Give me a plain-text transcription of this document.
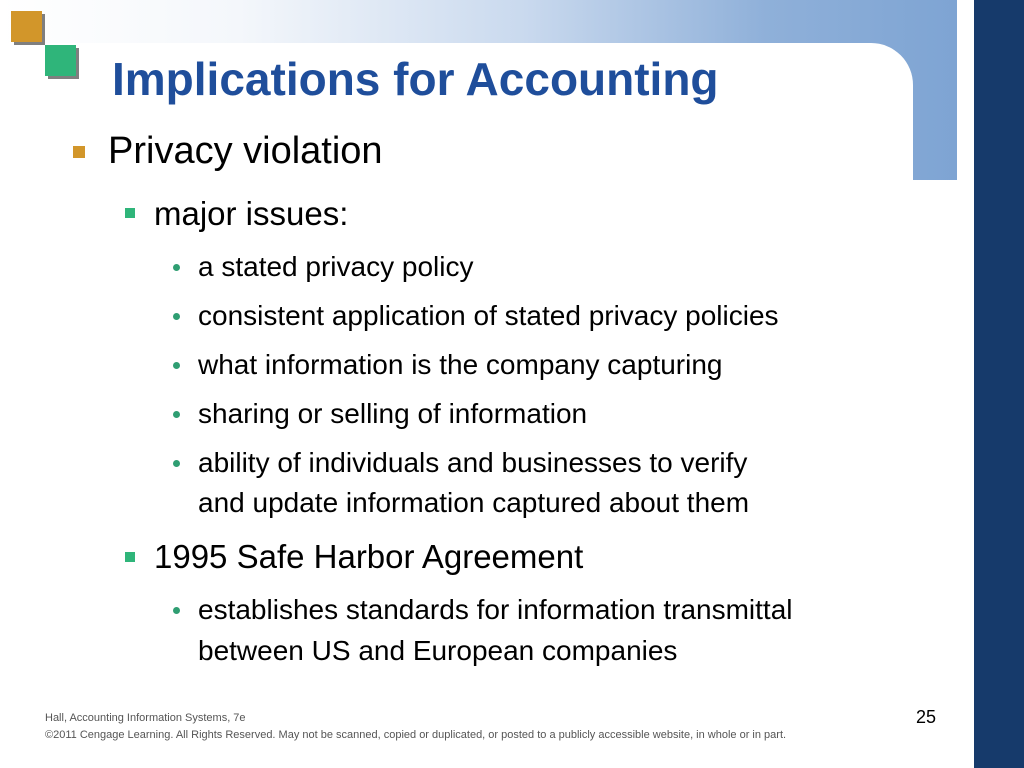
Implications for Accounting
Privacy violation
major issues:
a stated privacy policy
consistent application of stated privacy policies
what information is the company capturing
sharing or selling of information
ability of individuals and businesses to verify
and update information captured about them
1995 Safe Harbor Agreement
establishes standards for information transmittal
between US and European companies
Hall, Accounting Information Systems, 7e
©2011 Cengage Learning. All Rights Reserved. May not be scanned, copied or duplicated, or posted to a publicly accessible website, in whole or in part.
25
